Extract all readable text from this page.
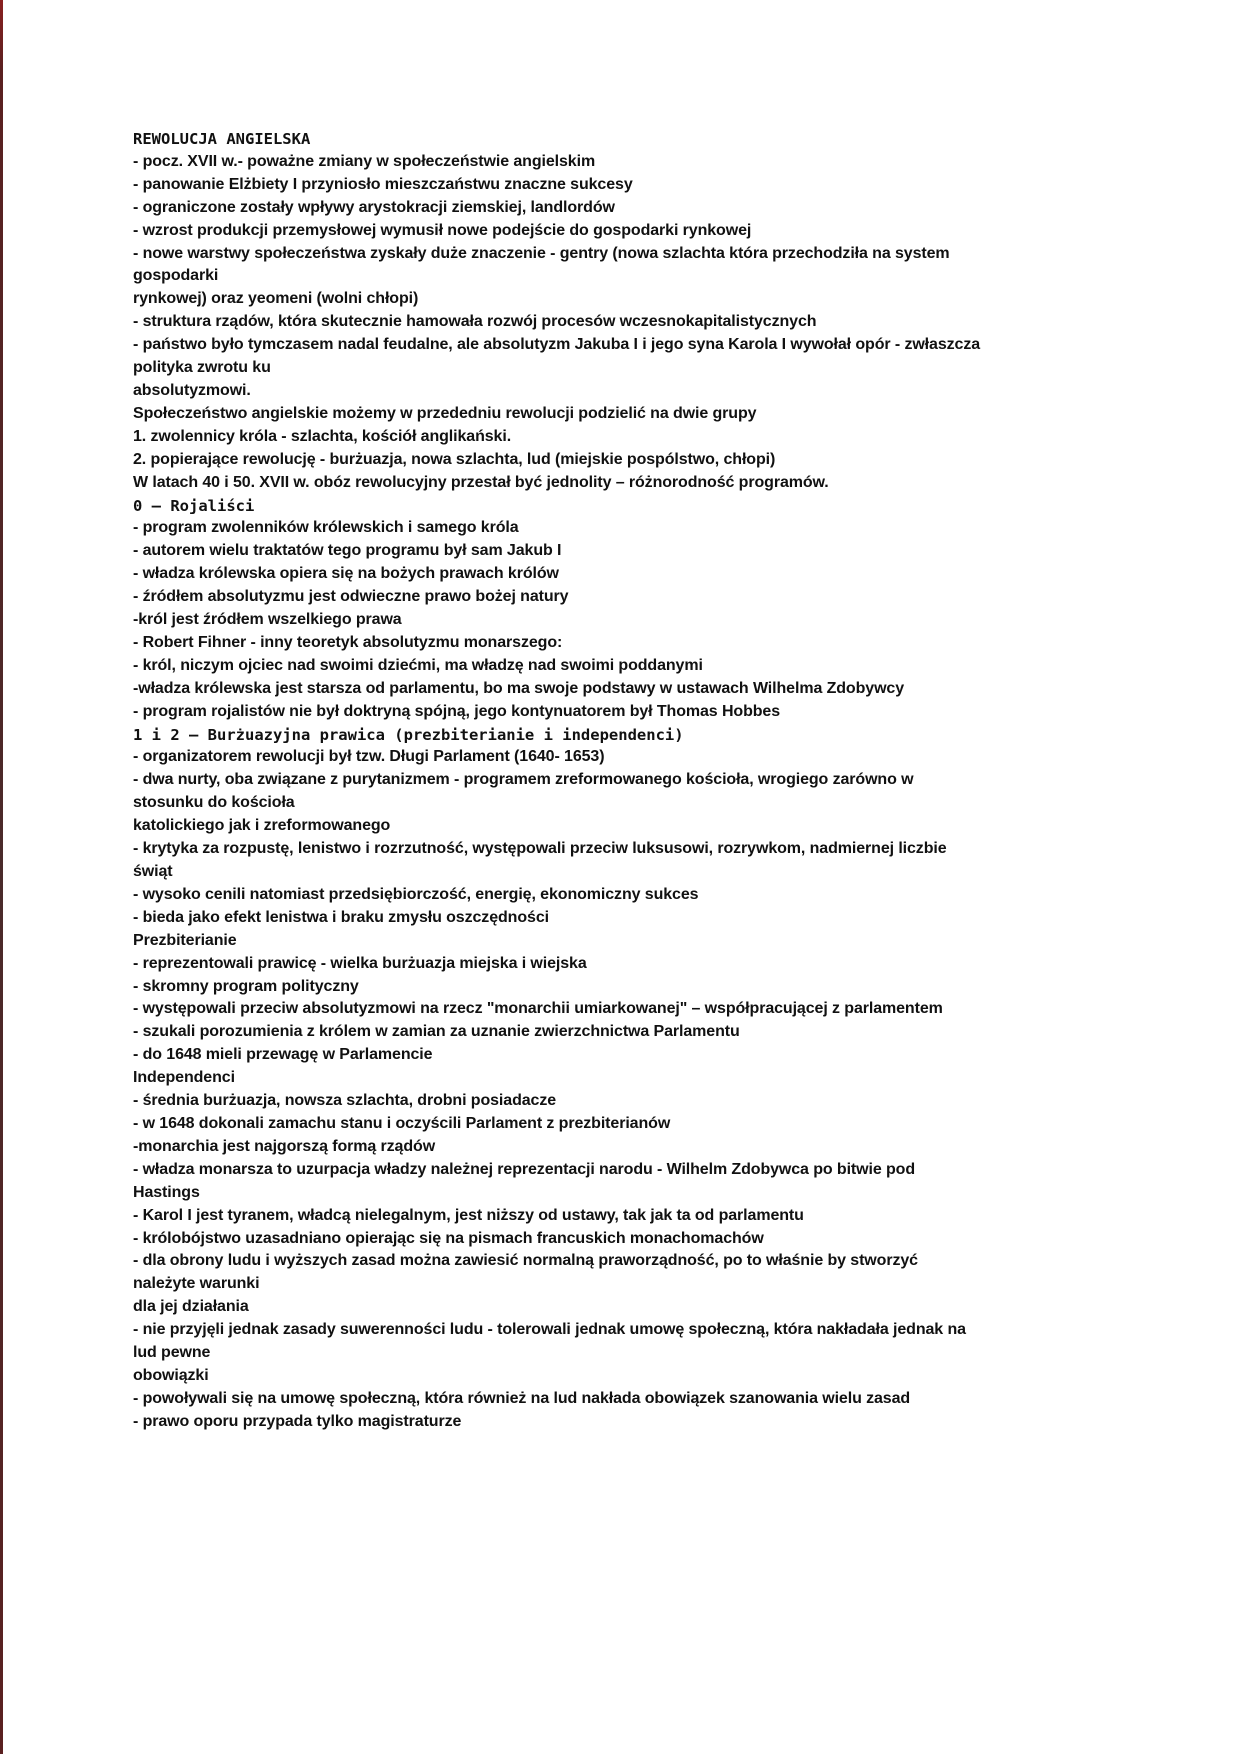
REWOLUCJA ANGIELSKA
- pocz. XVII w.- poważne zmiany w społeczeństwie angielskim
- panowanie Elżbiety I przyniosło mieszczaństwu znaczne sukcesy
- ograniczone zostały wpływy arystokracji ziemskiej, landlordów
- wzrost produkcji przemysłowej wymusił nowe podejście do gospodarki rynkowej
- nowe warstwy społeczeństwa zyskały duże znaczenie - gentry (nowa szlachta która przechodziła na system
gospodarki
rynkowej) oraz yeomeni (wolni chłopi)
- struktura rządów, która skutecznie hamowała rozwój procesów wczesnokapitalistycznych
- państwo było tymczasem nadal feudalne, ale absolutyzm Jakuba I i jego syna Karola I wywołał opór - zwłaszcza
polityka zwrotu ku
absolutyzmowi.
Społeczeństwo angielskie możemy w przededniu rewolucji podzielić na dwie grupy
1. zwolennicy króla - szlachta, kościół anglikański.
2. popierające rewolucję - burżuazja, nowa szlachta, lud (miejskie pospólstwo, chłopi)
W latach 40 i 50. XVII w. obóz rewolucyjny przestał być jednolity – różnorodność programów.
0 – Rojaliści
- program zwolenników królewskich i samego króla
- autorem wielu traktatów tego programu był sam Jakub I
- władza królewska opiera się na bożych prawach królów
- źródłem absolutyzmu jest odwieczne prawo bożej natury
-król jest źródłem wszelkiego prawa
- Robert Fihner - inny teoretyk absolutyzmu monarszego:
- król, niczym ojciec nad swoimi dziećmi, ma władzę nad swoimi poddanymi
-władza królewska jest starsza od parlamentu, bo ma swoje podstawy w ustawach Wilhelma Zdobywcy
- program rojalistów nie był doktryną spójną, jego kontynuatorem był Thomas Hobbes
1 i 2 – Burżuazyjna prawica (prezbiterianie i independenci)
- organizatorem rewolucji był tzw. Długi Parlament (1640- 1653)
- dwa nurty, oba związane z purytanizmem - programem zreformowanego kościoła, wrogiego zarówno w
stosunku do kościoła
katolickiego jak i zreformowanego
- krytyka za rozpustę, lenistwo i rozrzutność, występowali przeciw luksusowi, rozrywkom, nadmiernej liczbie
świąt
- wysoko cenili natomiast przedsiębiorczość, energię, ekonomiczny sukces
- bieda jako efekt lenistwa i braku zmysłu oszczędności
Prezbiterianie
- reprezentowali prawicę - wielka burżuazja miejska i wiejska
- skromny program polityczny
- występowali przeciw absolutyzmowi na rzecz "monarchii umiarkowanej" – współpracującej z parlamentem
- szukali porozumienia z królem w zamian za uznanie zwierzchnictwa Parlamentu
- do 1648 mieli przewagę w Parlamencie
Independenci
- średnia burżuazja, nowsza szlachta, drobni posiadacze
- w 1648 dokonali zamachu stanu i oczyścili Parlament z prezbiterianów
-monarchia jest najgorszą formą rządów
- władza monarsza to uzurpacja władzy należnej reprezentacji narodu - Wilhelm Zdobywca po bitwie pod
Hastings
- Karol I jest tyranem, władcą nielegalnym, jest niższy od ustawy, tak jak ta od parlamentu
- królobójstwo uzasadniano opierając się na pismach francuskich monachomachów
- dla obrony ludu i wyższych zasad można zawiesić normalną praworządność, po to właśnie by stworzyć
należyte warunki
dla jej działania
- nie przyjęli jednak zasady suwerenności ludu - tolerowali jednak umowę społeczną, która nakładała jednak na
lud pewne
obowiązki
- powoływali się na umowę społeczną, która również na lud nakłada obowiązek szanowania wielu zasad
- prawo oporu przypada tylko magistraturze
